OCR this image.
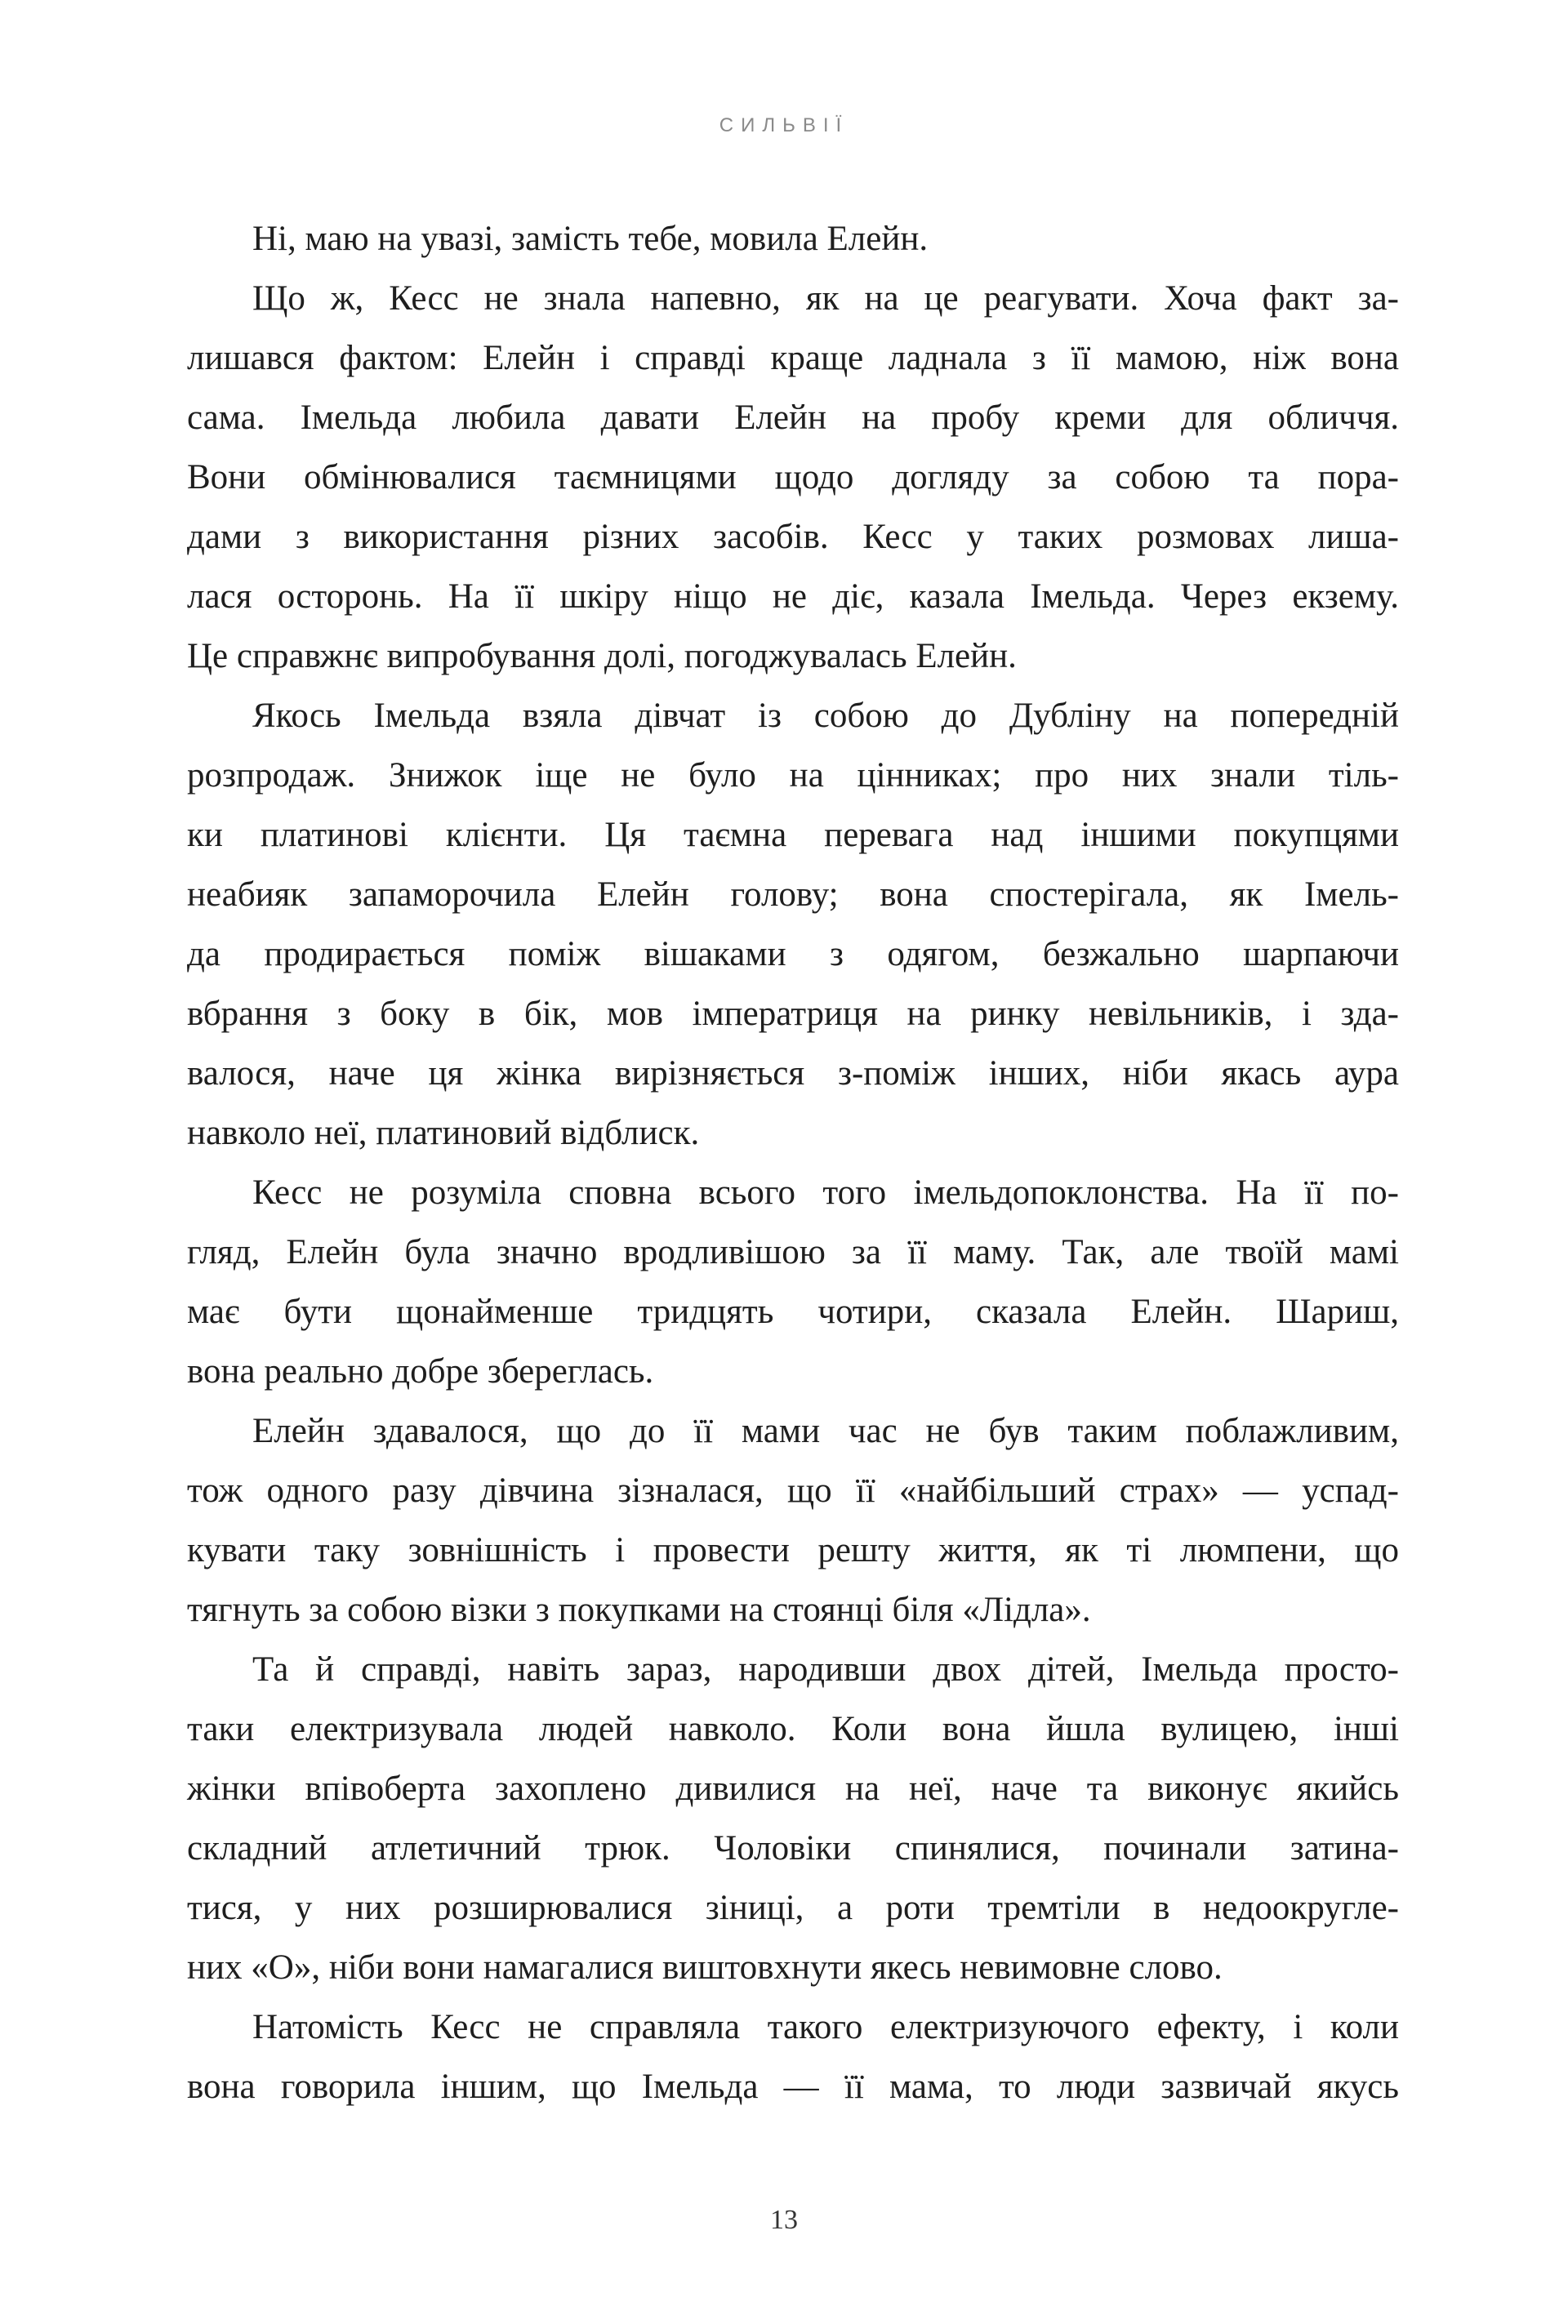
СИЛЬВІЇ
Ні, маю на увазі, замість тебе, мовила Елейн.
Що ж, Кесс не знала напевно, як на це реагувати. Хоча факт за-
лишався фактом: Елейн і справді краще ладнала з її мамою, ніж вона
сама. Імельда любила давати Елейн на пробу креми для обличчя.
Вони обмінювалися таємницями щодо догляду за собою та пора-
дами з використання різних засобів. Кесс у таких розмовах лиша-
лася осторонь. На її шкіру ніщо не діє, казала Імельда. Через екзему.
Це справжнє випробування долі, погоджувалась Елейн.
Якось Імельда взяла дівчат із собою до Дубліну на попередній
розпродаж. Знижок іще не було на цінниках; про них знали тіль-
ки платинові клієнти. Ця таємна перевага над іншими покупцями
неабияк запаморочила Елейн голову; вона спостерігала, як Імель-
да продирається поміж вішаками з одягом, безжально шарпаючи
вбрання з боку в бік, мов імператриця на ринку невільників, і зда-
валося, наче ця жінка вирізняється з-поміж інших, ніби якась аура
навколо неї, платиновий відблиск.
Кесс не розуміла сповна всього того імельдопоклонства. На її по-
гляд, Елейн була значно вродливішою за її маму. Так, але твоїй мамі
має бути щонайменше тридцять чотири, сказала Елейн. Шариш,
вона реально добре збереглась.
Елейн здавалося, що до її мами час не був таким поблажливим,
тож одного разу дівчина зізналася, що її «найбільший страх» — успад-
кувати таку зовнішність і провести решту життя, як ті люмпени, що
тягнуть за собою візки з покупками на стоянці біля «Лідла».
Та й справді, навіть зараз, народивши двох дітей, Імельда просто-
таки електризувала людей навколо. Коли вона йшла вулицею, інші
жінки впівоберта захоплено дивилися на неї, наче та виконує якийсь
складний атлетичний трюк. Чоловіки спинялися, починали затина-
тися, у них розширювалися зіниці, а роти тремтіли в недоокругле-
них «О», ніби вони намагалися виштовхнути якесь невимовне слово.
Натомість Кесс не справляла такого електризуючого ефекту, і коли
вона говорила іншим, що Імельда — її мама, то люди зазвичай якусь
13
